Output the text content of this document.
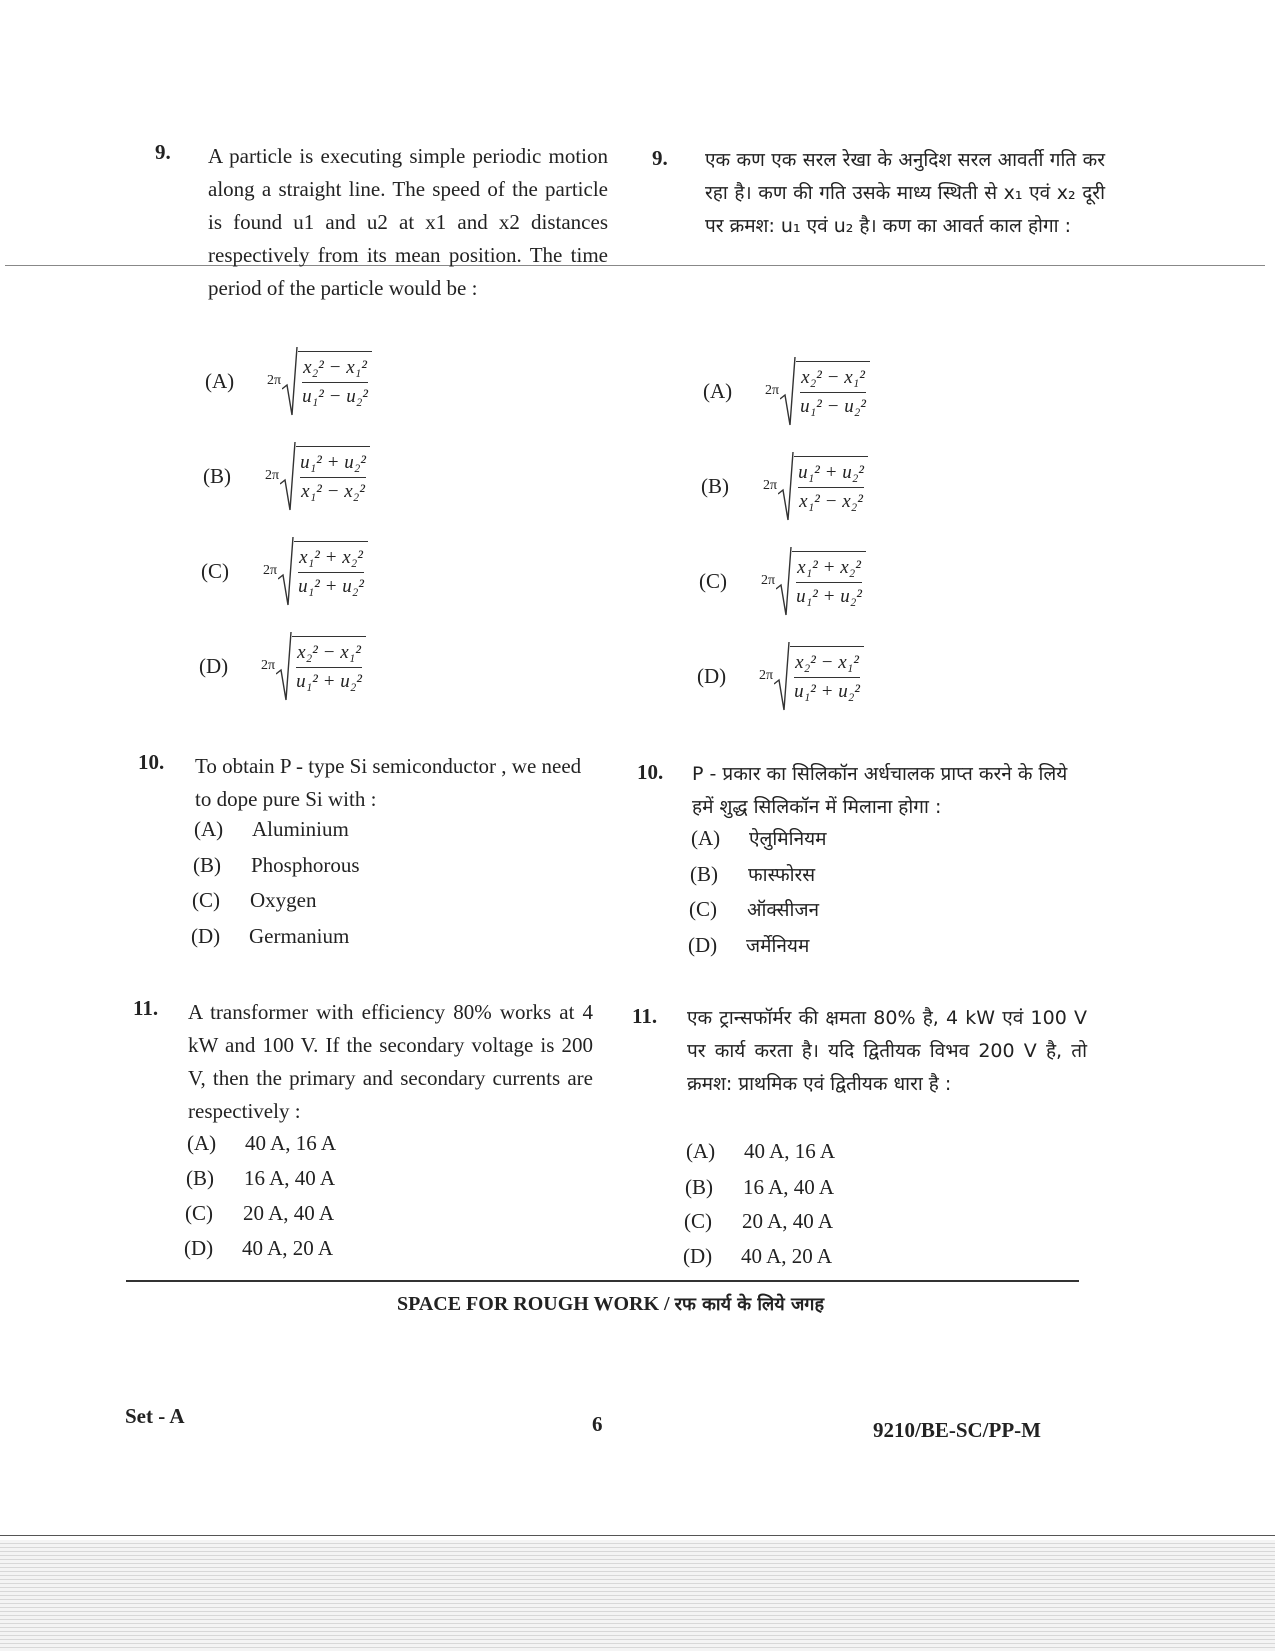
9. A particle is executing simple periodic motion along a straight line. The speed of the particle is found u1 and u2 at x1 and x2 distances respectively from its mean position. The time period of the particle would be :
(A)	$2\pi \frac{\text{x₂² − x₁²}}{\text{u₁² − u₂²}}$
(B)	$2\pi \frac{\text{u₁² + u₂²}}{\text{x₁² − x₂²}}$
(C)	$2\pi \frac{\text{x₁² + x₂²}}{\text{u₁² + u₂²}}$
(D)	$2\pi \frac{\text{x₂² − x₁²}}{\text{u₁² + u₂²}}$
10. To obtain P - type Si semiconductor , we need to dope pure Si with :
(A) Aluminium
(B) Phosphorous
(C) Oxygen
(D) Germanium
11. A transformer with efficiency 80% works at 4 kW and 100 V. If the secondary voltage is 200 V, then the primary and secondary currents are respectively :
(A) 40 A, 16 A
(B) 16 A, 40 A
(C) 20 A, 40 A
(D) 40 A, 20 A
9. एक कण एक सरल रेखा के अनुदिश सरल आवर्ती गति कर रहा है। कण की गति उसके माध्य स्थिती से x₁ एवं x₂ दूरी पर क्रमश: u₁ एवं u₂ है। कण का आवर्त काल होगा :
(A)	$2\pi \frac{\text{x₂² − x₁²}}{\text{u₁² − u₂²}}$
(B)	$2\pi \frac{\text{u₁² + u₂²}}{\text{x₁² − x₂²}}$
(C)	$2\pi \frac{\text{x₁² + x₂²}}{\text{u₁² + u₂²}}$
(D)	$2\pi \frac{\text{x₂² − x₁²}}{\text{u₁² + u₂²}}$
10. P - प्रकार का सिलिकॉन अर्धचालक प्राप्त करने के लिये हमें शुद्ध सिलिकॉन में मिलाना होगा :
(A) ऐलुमिनियम
(B) फास्फोरस
(C) ऑक्सीजन
(D) जर्मेनियम
11. एक ट्रान्सफॉर्मर की क्षमता 80% है, 4 kW एवं 100 V पर कार्य करता है। यदि द्वितीयक विभव 200 V है, तो क्रमश: प्राथमिक एवं द्वितीयक धारा है :
(A) 40 A, 16 A
(B) 16 A, 40 A
(C) 20 A, 40 A
(D) 40 A, 20 A
SPACE FOR ROUGH WORK / रफ कार्य के लिये जगह
Set - A	6	9210/BE-SC/PP-M
